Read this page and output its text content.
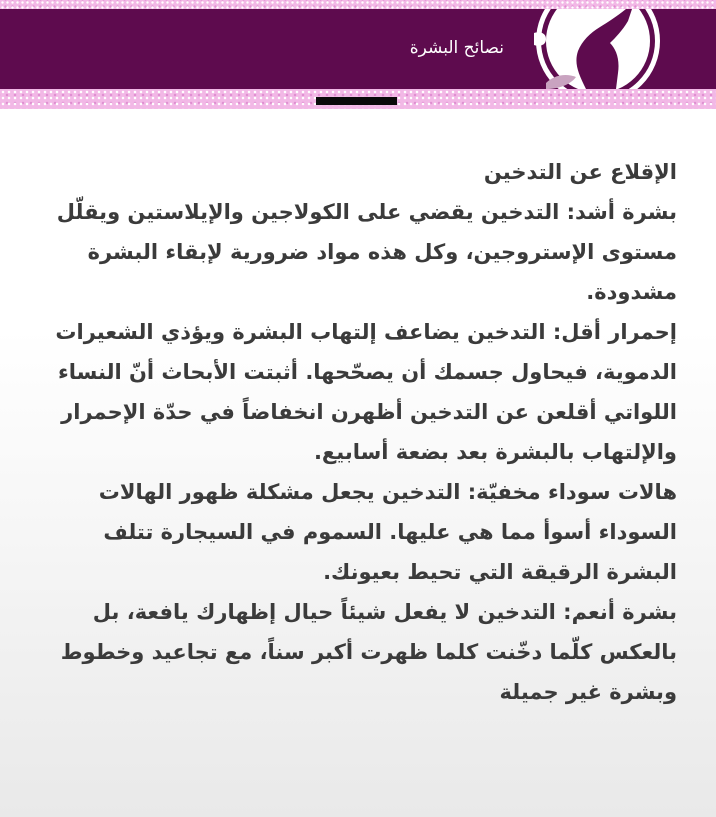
نصائح البشرة

الإقلاع عن التدخين

بشرة أشد: التدخين يقضي على الكولاجين والإيلاستين ويقلّل مستوى الإستروجين، وكل هذه مواد ضرورية لإبقاء البشرة مشدودة.

إحمرار أقل: التدخين يضاعف إلتهاب البشرة ويؤذي الشعيرات الدموية، فيحاول جسمك أن يصحّحها. أثبتت الأبحاث أنّ النساء اللواتي أقلعن عن التدخين أظهرن انخفاضاً في حدّة الإحمرار والإلتهاب بالبشرة بعد بضعة أسابيع.

هالات سوداء مخفيّة: التدخين يجعل مشكلة ظهور الهالات السوداء أسوأ مما هي عليها. السموم في السيجارة تتلف البشرة الرقيقة التي تحيط بعيونك.

بشرة أنعم: التدخين لا يفعل شيئاً حيال إظهارك يافعة، بل بالعكس كلّما دخّنت كلما ظهرت أكبر سناً، مع تجاعيد وخطوط وبشرة غير جميلة
